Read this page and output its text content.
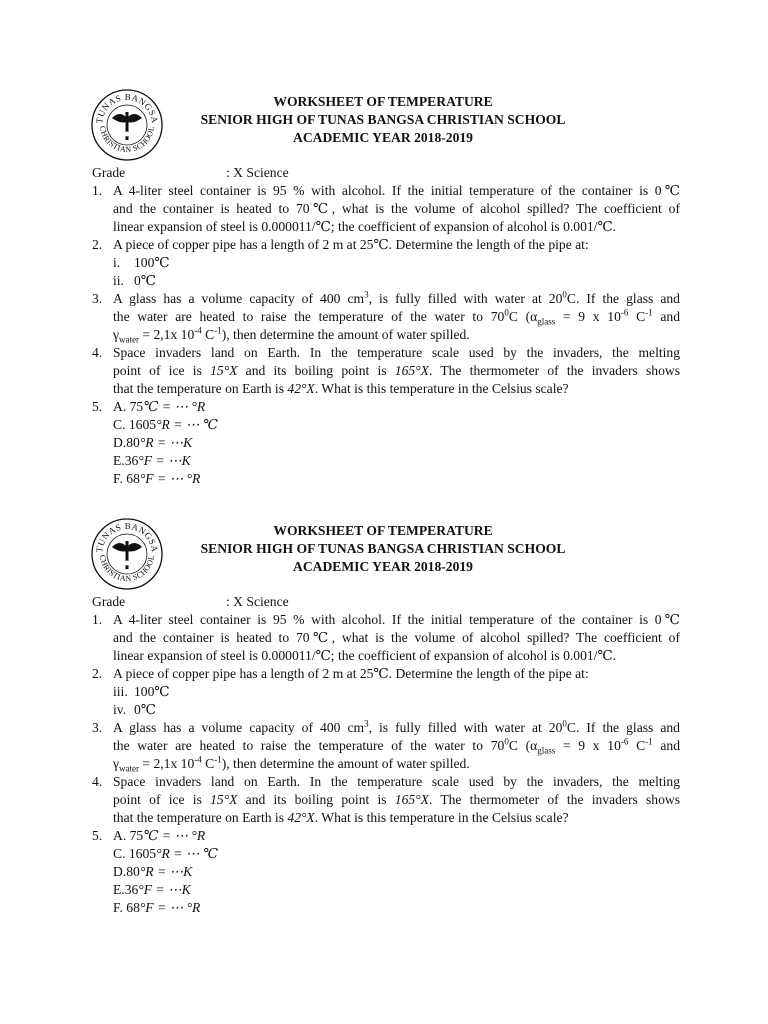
TUNAS BANGSA
CHRISTIAN SCHOOL
WORKSHEET OF TEMPERATURE
SENIOR HIGH OF TUNAS BANGSA CHRISTIAN SCHOOL
ACADEMIC YEAR 2018-2019
Grade	: X Science
1. A 4-liter steel container is 95 % with alcohol. If the initial temperature of the container is 0℃
and the container is heated to 70℃, what is the volume of alcohol spilled? The coefficient of
linear expansion of steel is 0.000011/℃; the coefficient of expansion of alcohol is 0.001/℃.
2. A piece of copper pipe has a length of 2 m at 25℃. Determine the length of the pipe at:
i. 100℃
ii. 0℃
3. A glass has a volume capacity of 400 $cm^3$, is fully filled with water at $20^0C$. If the glass and
the water are heated to raise the temperature of the water to $70^0C$ ($\alpha_{glass} = 9$ x $10^{-6}$ $C^{-1}$ and
$\gamma_{water} = 2,1x$ $10^{-4}$ $C^{-1}$), then determine the amount of water spilled.
4. Space invaders land on Earth. In the temperature scale used by the invaders, the melting
point of ice is 15°X and its boiling point is 165°X. The thermometer of the invaders shows
that the temperature on Earth is 42°X. What is this temperature in the Celsius scale?
5. A. 75℃ = ⋯ °R
C. 1605°R = ⋯ ℃
D.80°R = ⋯K
E.36°F = ⋯K
F. 68°F = ⋯ °R
TUNAS BANGSA
CHRISTIAN SCHOOL
WORKSHEET OF TEMPERATURE
SENIOR HIGH OF TUNAS BANGSA CHRISTIAN SCHOOL
ACADEMIC YEAR 2018-2019
Grade	: X Science
1. A 4-liter steel container is 95 % with alcohol. If the initial temperature of the container is 0℃
and the container is heated to 70℃, what is the volume of alcohol spilled? The coefficient of
linear expansion of steel is 0.000011/℃; the coefficient of expansion of alcohol is 0.001/℃.
2. A piece of copper pipe has a length of 2 m at 25℃. Determine the length of the pipe at:
iii. 100℃
iv. 0℃
3. A glass has a volume capacity of 400 $cm^3$, is fully filled with water at $20^0C$. If the glass and
the water are heated to raise the temperature of the water to $70^0C$ ($\alpha_{glass} = 9$ x $10^{-6}$ $C^{-1}$ and
$\gamma_{water} = 2,1x$ $10^{-4}$ $C^{-1}$), then determine the amount of water spilled.
4. Space invaders land on Earth. In the temperature scale used by the invaders, the melting
point of ice is 15°X and its boiling point is 165°X. The thermometer of the invaders shows
that the temperature on Earth is 42°X. What is this temperature in the Celsius scale?
5. A. 75℃ = ⋯ °R
C. 1605°R = ⋯ ℃
D.80°R = ⋯K
E.36°F = ⋯K
F. 68°F = ⋯ °R
